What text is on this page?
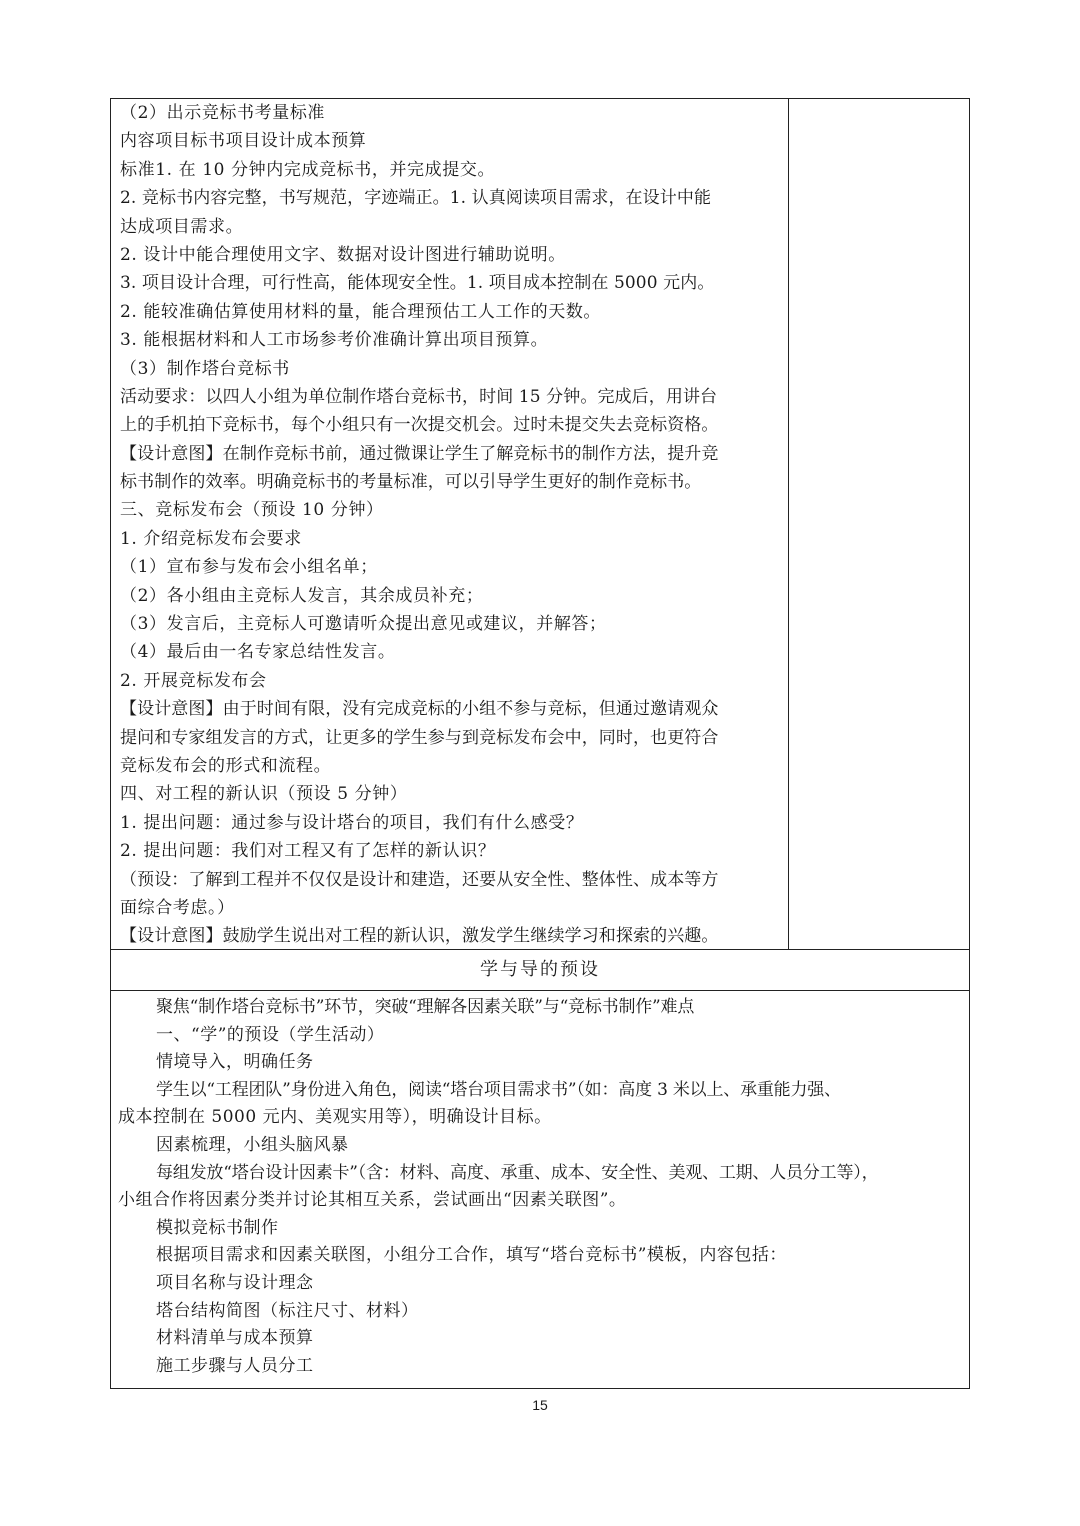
（2）出示竞标书考量标准
内容项目标书项目设计成本预算
标准1. 在 10 分钟内完成竞标书，并完成提交。
2. 竞标书内容完整，书写规范，字迹端正。1. 认真阅读项目需求，在设计中能
达成项目需求。
2. 设计中能合理使用文字、数据对设计图进行辅助说明。
3. 项目设计合理，可行性高，能体现安全性。1. 项目成本控制在 5000 元内。
2. 能较准确估算使用材料的量，能合理预估工人工作的天数。
3. 能根据材料和人工市场参考价准确计算出项目预算。
（3）制作塔台竞标书
活动要求：以四人小组为单位制作塔台竞标书，时间 15 分钟。完成后，用讲台
上的手机拍下竞标书，每个小组只有一次提交机会。过时未提交失去竞标资格。
【设计意图】在制作竞标书前，通过微课让学生了解竞标书的制作方法，提升竞
标书制作的效率。明确竞标书的考量标准，可以引导学生更好的制作竞标书。
三、竞标发布会（预设 10 分钟）
1. 介绍竞标发布会要求
（1）宣布参与发布会小组名单；
（2）各小组由主竞标人发言，其余成员补充；
（3）发言后，主竞标人可邀请听众提出意见或建议，并解答；
（4）最后由一名专家总结性发言。
2. 开展竞标发布会
【设计意图】由于时间有限，没有完成竞标的小组不参与竞标，但通过邀请观众
提问和专家组发言的方式，让更多的学生参与到竞标发布会中，同时，也更符合
竞标发布会的形式和流程。
四、对工程的新认识（预设 5 分钟）
1. 提出问题：通过参与设计塔台的项目，我们有什么感受？
2. 提出问题：我们对工程又有了怎样的新认识？
（预设：了解到工程并不仅仅是设计和建造，还要从安全性、整体性、成本等方
面综合考虑。）
【设计意图】鼓励学生说出对工程的新认识，激发学生继续学习和探索的兴趣。
学与导的预设
聚焦“制作塔台竞标书”环节，突破“理解各因素关联”与“竞标书制作”难点
一、“学”的预设（学生活动）
情境导入，明确任务
学生以“工程团队”身份进入角色，阅读“塔台项目需求书”（如：高度 3 米以上、承重能力强、
成本控制在 5000 元内、美观实用等），明确设计目标。
因素梳理，小组头脑风暴
每组发放“塔台设计因素卡”（含：材料、高度、承重、成本、安全性、美观、工期、人员分工等），
小组合作将因素分类并讨论其相互关系，尝试画出“因素关联图”。
模拟竞标书制作
根据项目需求和因素关联图，小组分工合作，填写“塔台竞标书”模板，内容包括：
项目名称与设计理念
塔台结构简图（标注尺寸、材料）
材料清单与成本预算
施工步骤与人员分工
15
